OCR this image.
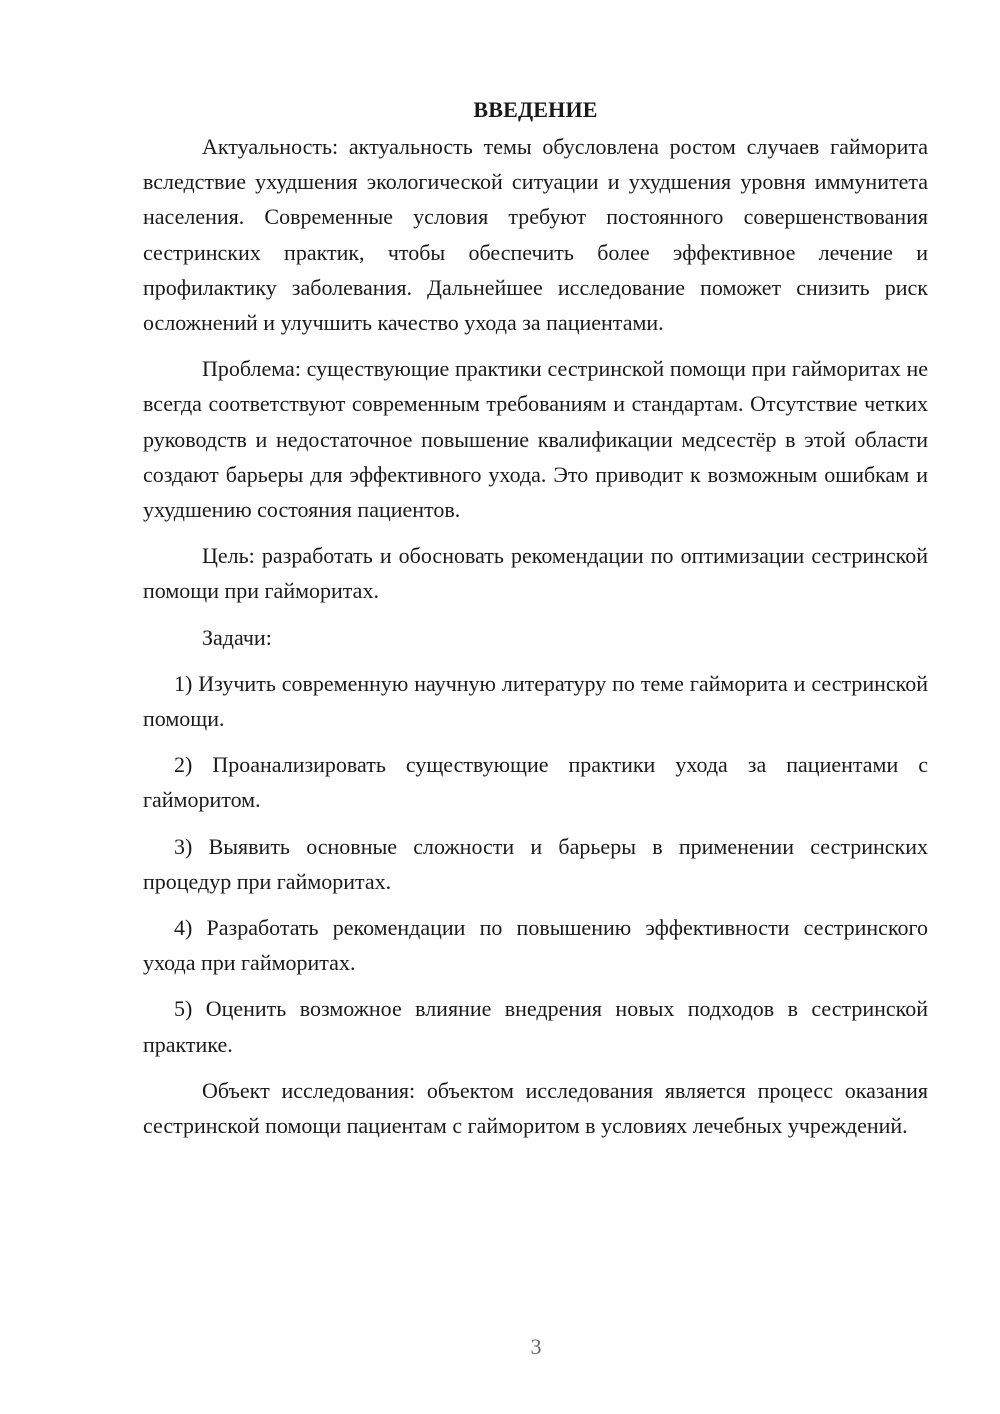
ВВЕДЕНИЕ

Актуальность: актуальность темы обусловлена ростом случаев гайморита вследствие ухудшения экологической ситуации и ухудшения уровня иммунитета населения. Современные условия требуют постоянного совершенствования сестринских практик, чтобы обеспечить более эффективное лечение и профилактику заболевания. Дальнейшее исследование поможет снизить риск осложнений и улучшить качество ухода за пациентами.

Проблема: существующие практики сестринской помощи при гайморитах не всегда соответствуют современным требованиям и стандартам. Отсутствие четких руководств и недостаточное повышение квалификации медсестёр в этой области создают барьеры для эффективного ухода. Это приводит к возможным ошибкам и ухудшению состояния пациентов.

Цель: разработать и обосновать рекомендации по оптимизации сестринской помощи при гайморитах.

Задачи:

1) Изучить современную научную литературу по теме гайморита и сестринской помощи.

2) Проанализировать существующие практики ухода за пациентами с гайморитом.

3) Выявить основные сложности и барьеры в применении сестринских процедур при гайморитах.

4) Разработать рекомендации по повышению эффективности сестринского ухода при гайморитах.

5) Оценить возможное влияние внедрения новых подходов в сестринской практике.

Объект исследования: объектом исследования является процесс оказания сестринской помощи пациентам с гайморитом в условиях лечебных учреждений.

3
